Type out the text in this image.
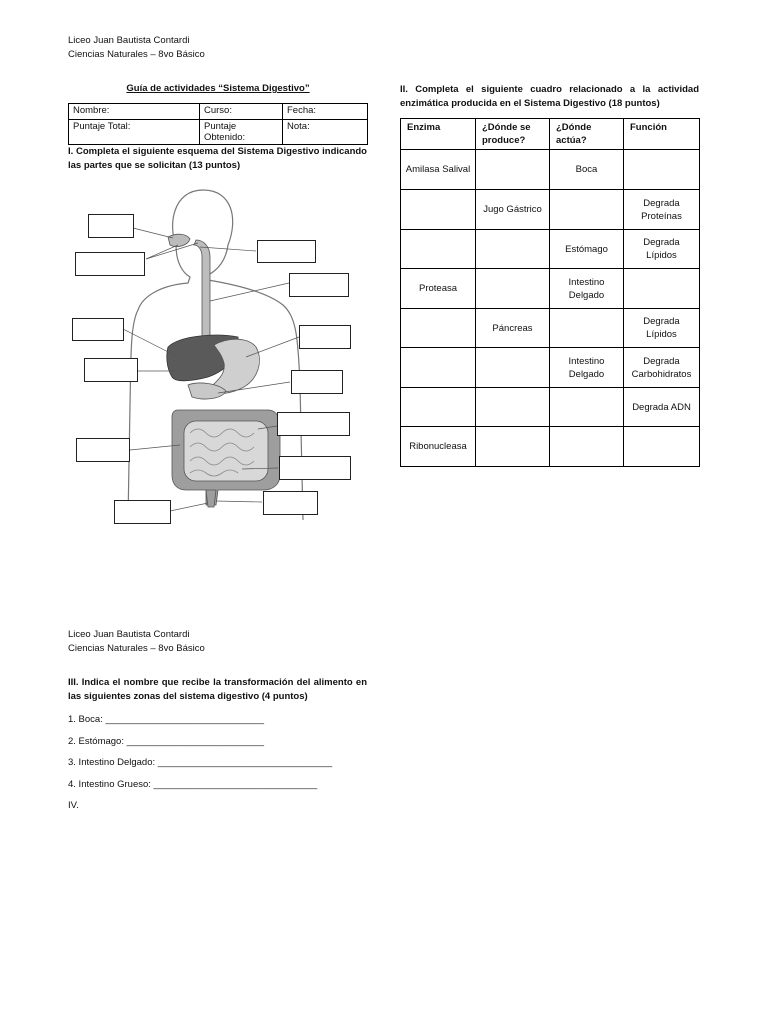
Liceo Juan Bautista Contardi
Ciencias Naturales – 8vo Básico
Guía de actividades “Sistema Digestivo”
Nombre:	Curso:	Fecha:
Puntaje Total:	Puntaje
Obtenido:	Nota:
I. Completa el siguiente esquema del Sistema Digestivo indicando las partes que se solicitan (13 puntos)
II. Completa el siguiente cuadro relacionado a la actividad enzimática producida en el Sistema Digestivo (18 puntos)
Enzima	¿Dónde se produce?	¿Dónde actúa?	Función
Amilasa Salival		Boca	
	Jugo Gástrico		Degrada Proteínas
		Estómago	Degrada Lípidos
Proteasa		Intestino Delgado	
	Páncreas		Degrada Lípidos
		Intestino Delgado	Degrada Carbohidratos
			Degrada ADN
Ribonucleasa			
Liceo Juan Bautista Contardi
Ciencias Naturales – 8vo Básico
III. Indica el nombre que recibe la transformación del alimento en las siguientes zonas del sistema digestivo (4 puntos)
1. Boca: ______________________________
2. Estómago: __________________________
3. Intestino Delgado: _________________________________
4. Intestino Grueso: _______________________________
IV.
